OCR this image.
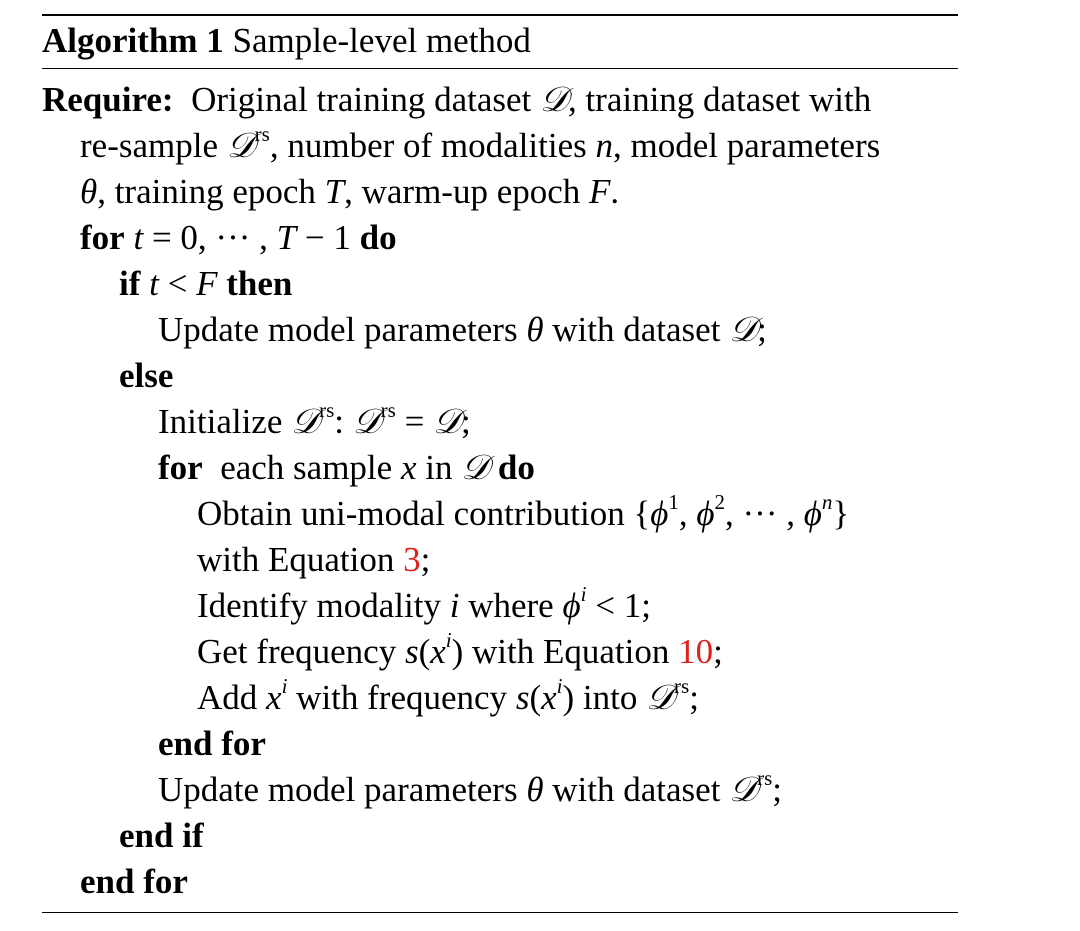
Algorithm 1 Sample-level method
Require:  Original training dataset 𝒟, training dataset with
re-sample 𝒟$^{rs}$, number of modalities n, model parameters
θ, training epoch T, warm-up epoch F.
for t = 0, ··· , T − 1 do
if t < F then
Update model parameters θ with dataset 𝒟;
else
Initialize 𝒟$^{rs}$: 𝒟$^{rs}$ = 𝒟;
for  each sample x in 𝒟 do
Obtain uni-modal contribution {$\phi^1$, $\phi^2$, ··· , $\phi^n$}
with Equation 3;
Identify modality i where $\phi^i < 1$;
Get frequency $s(x^i)$ with Equation 10;
Add $x^i$ with frequency $s(x^i)$ into 𝒟$^{rs}$;
end for
Update model parameters θ with dataset 𝒟$^{rs}$;
end if
end for
